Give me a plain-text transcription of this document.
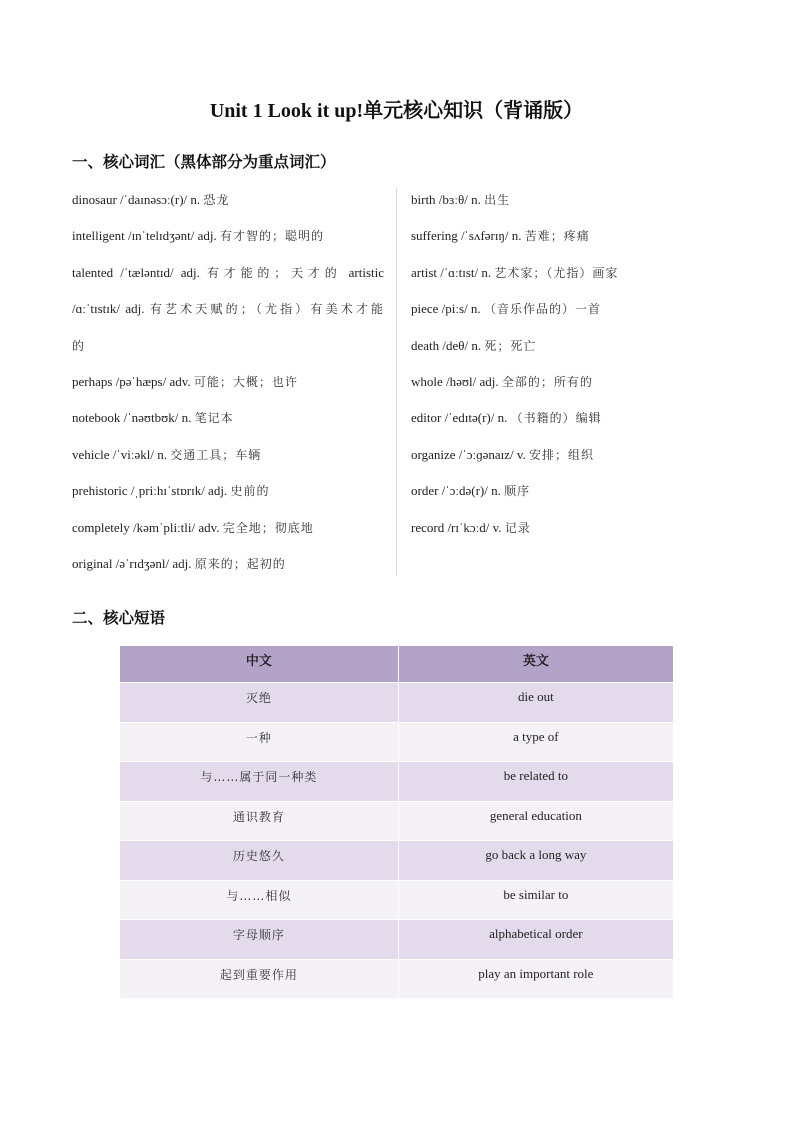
Unit 1 Look it up!单元核心知识（背诵版）
一、核心词汇（黑体部分为重点词汇）
dinosaur /ˈdaɪnəsɔː(r)/ n. 恐龙
intelligent /ɪnˈtelɪdʒənt/ adj. 有才智的；聪明的
talented /ˈtæləntɪd/ adj. 有才能的；天才的 artistic
/ɑːˈtɪstɪk/ adj. 有艺术天赋的；（尤指）有美术才能
的
perhaps /pəˈhæps/ adv. 可能；大概；也许
notebook /ˈnəʊtbʊk/ n. 笔记本
vehicle /ˈviːəkl/ n. 交通工具；车辆
prehistoric /ˌpriːhɪˈstɒrɪk/ adj. 史前的
completely /kəmˈpliːtli/ adv. 完全地；彻底地
original /əˈrɪdʒənl/ adj. 原来的；起初的
birth /bɜːθ/ n. 出生
suffering /ˈsʌfərɪŋ/ n. 苦难；疼痛
artist /ˈɑːtɪst/ n. 艺术家；（尤指）画家
piece /piːs/ n. （音乐作品的）一首
death /deθ/ n. 死；死亡
whole /həʊl/ adj. 全部的；所有的
editor /ˈedɪtə(r)/ n. （书籍的）编辑
organize /ˈɔːɡənaɪz/ v. 安排；组织
order /ˈɔːdə(r)/ n. 顺序
record /rɪˈkɔːd/ v. 记录
二、核心短语
中文	英文
灭绝	die out
一种	a type of
与……属于同一种类	be related to
通识教育	general education
历史悠久	go back a long way
与……相似	be similar to
字母顺序	alphabetical order
起到重要作用	play an important role
